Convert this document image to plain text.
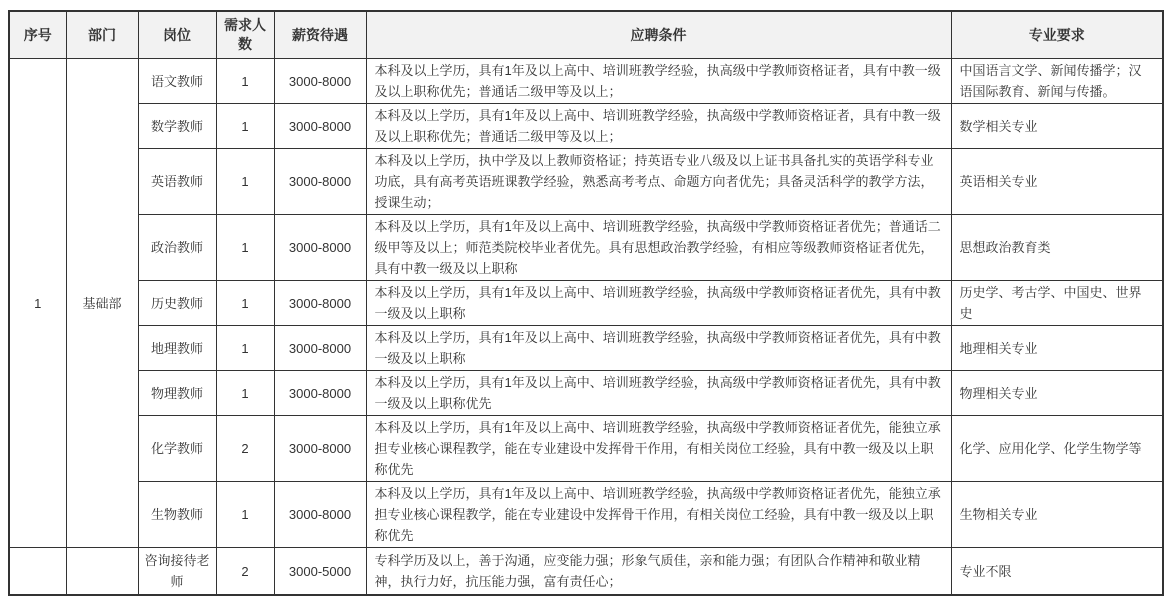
序号	部门	岗位	需求人数	薪资待遇	应聘条件	专业要求
1	基础部	语文教师	1	3000-8000	本科及以上学历，具有1年及以上高中、培训班教学经验，执高级中学教师资格证者，具有中教一级及以上职称优先；普通话二级甲等及以上；	中国语言文学、新闻传播学；汉语国际教育、新闻与传播。
		数学教师	1	3000-8000	本科及以上学历，具有1年及以上高中、培训班教学经验，执高级中学教师资格证者，具有中教一级及以上职称优先；普通话二级甲等及以上；	数学相关专业
		英语教师	1	3000-8000	本科及以上学历，执中学及以上教师资格证；持英语专业八级及以上证书具备扎实的英语学科专业功底，具有高考英语班课教学经验，熟悉高考考点、命题方向者优先；具备灵活科学的教学方法，授课生动；	英语相关专业
		政治教师	1	3000-8000	本科及以上学历，具有1年及以上高中、培训班教学经验，执高级中学教师资格证者优先；普通话二级甲等及以上；师范类院校毕业者优先。具有思想政治教学经验，有相应等级教师资格证者优先，具有中教一级及以上职称	思想政治教育类
		历史教师	1	3000-8000	本科及以上学历，具有1年及以上高中、培训班教学经验，执高级中学教师资格证者优先，具有中教一级及以上职称	历史学、考古学、中国史、世界史
		地理教师	1	3000-8000	本科及以上学历，具有1年及以上高中、培训班教学经验，执高级中学教师资格证者优先，具有中教一级及以上职称	地理相关专业
		物理教师	1	3000-8000	本科及以上学历，具有1年及以上高中、培训班教学经验，执高级中学教师资格证者优先，具有中教一级及以上职称优先	物理相关专业
		化学教师	2	3000-8000	本科及以上学历，具有1年及以上高中、培训班教学经验，执高级中学教师资格证者优先，能独立承担专业核心课程教学，能在专业建设中发挥骨干作用，有相关岗位工经验，具有中教一级及以上职称优先	化学、应用化学、化学生物学等
		生物教师	1	3000-8000	本科及以上学历，具有1年及以上高中、培训班教学经验，执高级中学教师资格证者优先，能独立承担专业核心课程教学，能在专业建设中发挥骨干作用，有相关岗位工经验，具有中教一级及以上职称优先	生物相关专业
		咨询接待老师	2	3000-5000	专科学历及以上，善于沟通，应变能力强；形象气质佳，亲和能力强；有团队合作精神和敬业精神，执行力好，抗压能力强，富有责任心；	专业不限
